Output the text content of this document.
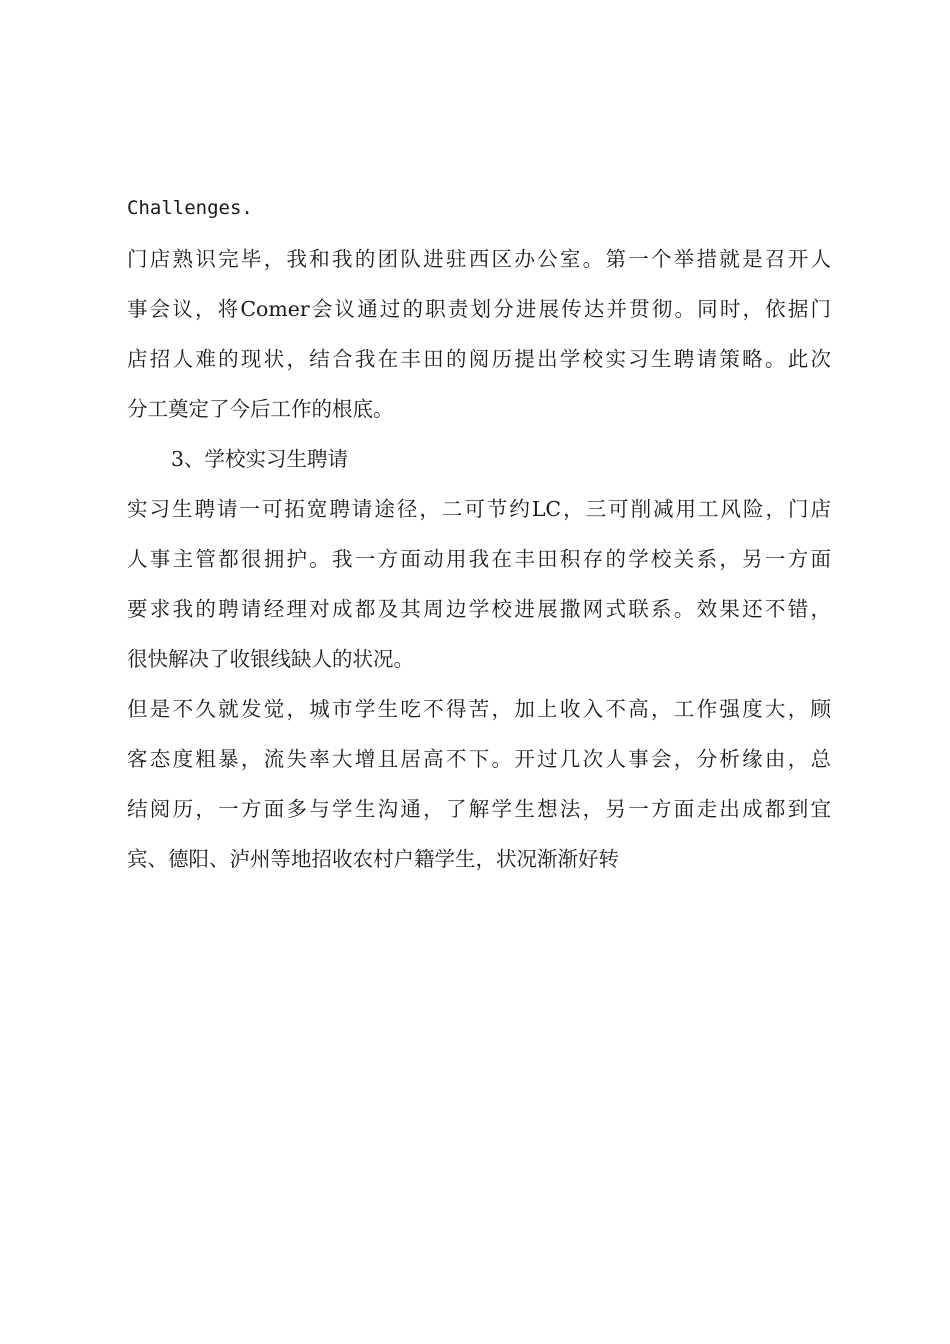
Challenges.
门店熟识完毕，我和我的团队进驻西区办公室。第一个举措就是召开人
事会议，将Comer会议通过的职责划分进展传达并贯彻。同时，依据门
店招人难的现状，结合我在丰田的阅历提出学校实习生聘请策略。此次
分工奠定了今后工作的根底。
3、学校实习生聘请
实习生聘请一可拓宽聘请途径，二可节约LC，三可削减用工风险，门店
人事主管都很拥护。我一方面动用我在丰田积存的学校关系，另一方面
要求我的聘请经理对成都及其周边学校进展撒网式联系。效果还不错，
很快解决了收银线缺人的状况。
但是不久就发觉，城市学生吃不得苦，加上收入不高，工作强度大，顾
客态度粗暴，流失率大增且居高不下。开过几次人事会，分析缘由，总
结阅历，一方面多与学生沟通，了解学生想法，另一方面走出成都到宜
宾、德阳、泸州等地招收农村户籍学生，状况渐渐好转
